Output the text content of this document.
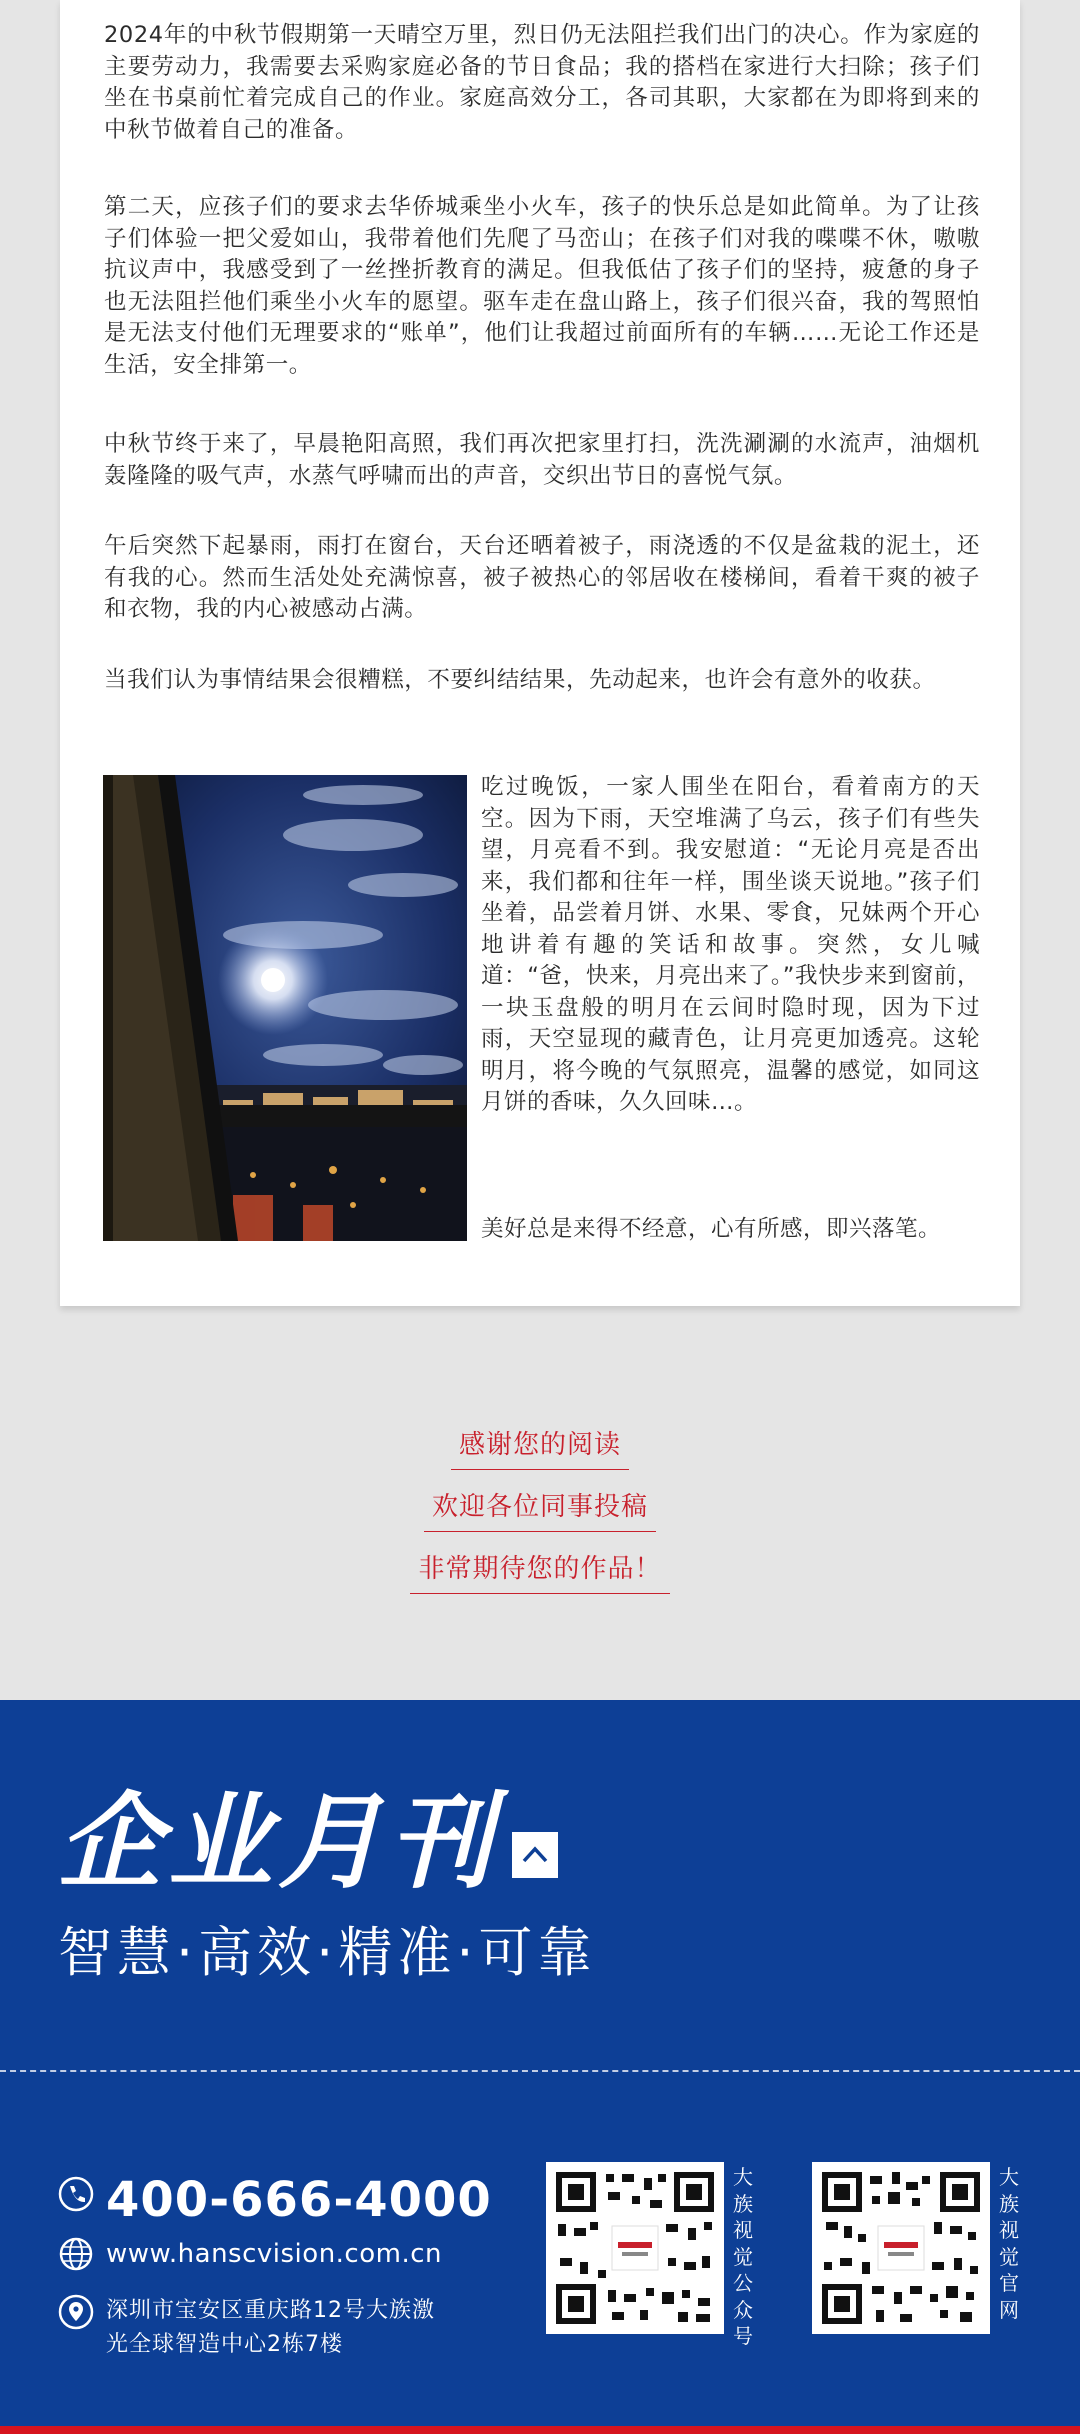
2024年的中秋节假期第一天晴空万里，烈日仍无法阻拦我们出门的决心。作为家庭的主要劳动力，我需要去采购家庭必备的节日食品；我的搭档在家进行大扫除；孩子们坐在书桌前忙着完成自己的作业。家庭高效分工，各司其职，大家都在为即将到来的中秋节做着自己的准备。

第二天，应孩子们的要求去华侨城乘坐小火车，孩子的快乐总是如此简单。为了让孩子们体验一把父爱如山，我带着他们先爬了马峦山；在孩子们对我的喋喋不休，嗷嗷抗议声中，我感受到了一丝挫折教育的满足。但我低估了孩子们的坚持，疲惫的身子也无法阻拦他们乘坐小火车的愿望。驱车走在盘山路上，孩子们很兴奋，我的驾照怕是无法支付他们无理要求的“账单”，他们让我超过前面所有的车辆……无论工作还是生活，安全排第一。

中秋节终于来了，早晨艳阳高照，我们再次把家里打扫，洗洗涮涮的水流声，油烟机轰隆隆的吸气声，水蒸气呼啸而出的声音，交织出节日的喜悦气氛。

午后突然下起暴雨，雨打在窗台，天台还晒着被子，雨浇透的不仅是盆栽的泥土，还有我的心。然而生活处处充满惊喜，被子被热心的邻居收在楼梯间，看着干爽的被子和衣物，我的内心被感动占满。

当我们认为事情结果会很糟糕，不要纠结结果，先动起来，也许会有意外的收获。

吃过晚饭，一家人围坐在阳台，看着南方的天空。因为下雨，天空堆满了乌云，孩子们有些失望，月亮看不到。我安慰道：“无论月亮是否出来，我们都和往年一样，围坐谈天说地。”孩子们坐着，品尝着月饼、水果、零食，兄妹两个开心地讲着有趣的笑话和故事。突然，女儿喊道：“爸，快来，月亮出来了。”我快步来到窗前，一块玉盘般的明月在云间时隐时现，因为下过雨，天空显现的藏青色，让月亮更加透亮。这轮明月，将今晚的气氛照亮，温馨的感觉，如同这月饼的香味，久久回味…。

美好总是来得不经意，心有所感，即兴落笔。

感谢您的阅读
欢迎各位同事投稿
非常期待您的作品！
企业月刊
智慧·高效·精准·可靠
400-666-4000
www.hanscvision.com.cn
深圳市宝安区重庆路12号大族激光全球智造中心2栋7楼
大族视觉公众号
大族视觉官网
